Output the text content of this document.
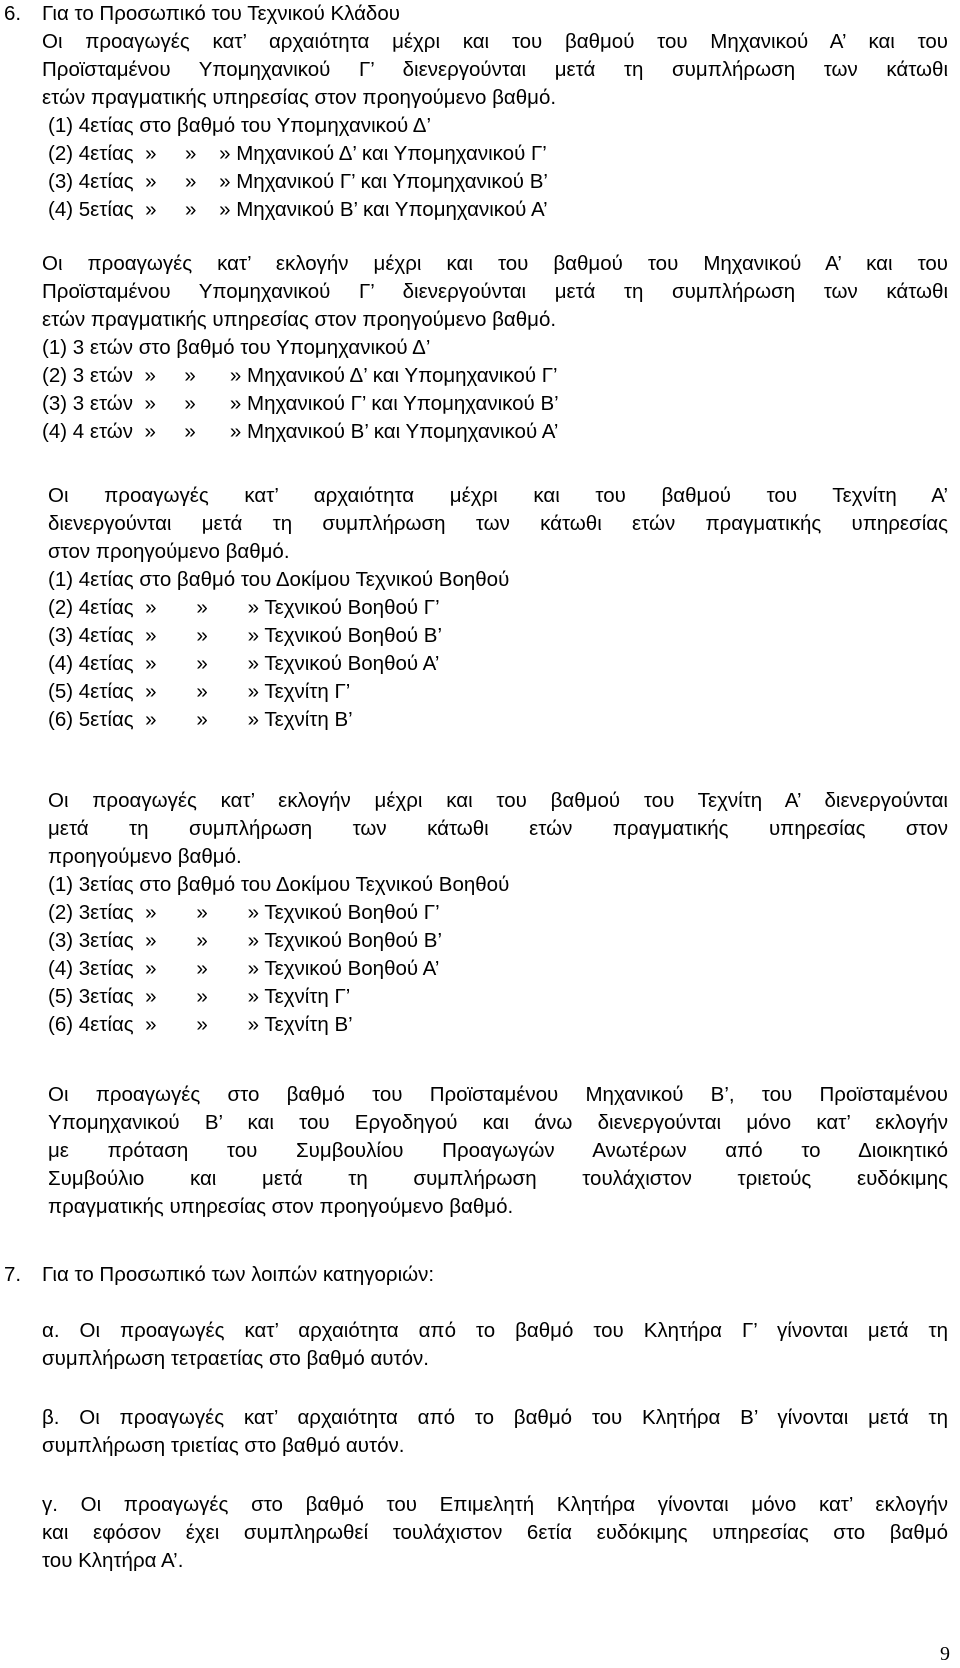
6. Για το Προσωπικό του Τεχνικού Κλάδου
Οι προαγωγές κατ’ αρχαιότητα μέχρι και του βαθμού του Μηχανικού Α’ και του
Προϊσταμένου Υπομηχανικού Γ’ διενεργούνται μετά τη συμπλήρωση των κάτωθι
ετών πραγματικής υπηρεσίας στον προηγούμενο βαθμό.
(1) 4ετίας στο βαθμό του Υπομηχανικού Δ’
(2) 4ετίας  »     »    » Μηχανικού Δ’ και Υπομηχανικού Γ’
(3) 4ετίας  »     »    » Μηχανικού Γ’ και Υπομηχανικού Β’
(4) 5ετίας  »     »    » Μηχανικού Β’ και Υπομηχανικού Α’
Οι προαγωγές κατ’ εκλογήν μέχρι και του βαθμού του Μηχανικού Α’ και του
Προϊσταμένου Υπομηχανικού Γ’ διενεργούνται μετά τη συμπλήρωση των κάτωθι
ετών πραγματικής υπηρεσίας στον προηγούμενο βαθμό.
(1) 3 ετών στο βαθμό του Υπομηχανικού Δ’
(2) 3 ετών  »     »      » Μηχανικού Δ’ και Υπομηχανικού Γ’
(3) 3 ετών  »     »      » Μηχανικού Γ’ και Υπομηχανικού Β’
(4) 4 ετών  »     »      » Μηχανικού Β’ και Υπομηχανικού Α’
Οι προαγωγές κατ’ αρχαιότητα μέχρι και του βαθμού του Τεχνίτη Α’
διενεργούνται μετά τη συμπλήρωση των κάτωθι ετών πραγματικής υπηρεσίας
στον προηγούμενο βαθμό.
(1) 4ετίας στο βαθμό του Δοκίμου Τεχνικού Βοηθού
(2) 4ετίας  »       »       » Τεχνικού Βοηθού Γ’
(3) 4ετίας  »       »       » Τεχνικού Βοηθού Β’
(4) 4ετίας  »       »       » Τεχνικού Βοηθού Α’
(5) 4ετίας  »       »       » Τεχνίτη Γ’
(6) 5ετίας  »       »       » Τεχνίτη Β’
Οι προαγωγές κατ’ εκλογήν μέχρι και του βαθμού του Τεχνίτη Α’ διενεργούνται
μετά τη συμπλήρωση των κάτωθι ετών πραγματικής υπηρεσίας στον
προηγούμενο βαθμό.
(1) 3ετίας στο βαθμό του Δοκίμου Τεχνικού Βοηθού
(2) 3ετίας  »       »       » Τεχνικού Βοηθού Γ’
(3) 3ετίας  »       »       » Τεχνικού Βοηθού Β’
(4) 3ετίας  »       »       » Τεχνικού Βοηθού Α’
(5) 3ετίας  »       »       » Τεχνίτη Γ’
(6) 4ετίας  »       »       » Τεχνίτη Β’
Οι προαγωγές στο βαθμό του Προϊσταμένου Μηχανικού Β’, του Προϊσταμένου
Υπομηχανικού Β’ και του Εργοδηγού και άνω διενεργούνται μόνο κατ’ εκλογήν
με πρόταση του Συμβουλίου Προαγωγών Ανωτέρων από το Διοικητικό
Συμβούλιο και μετά τη συμπλήρωση τουλάχιστον τριετούς ευδόκιμης
πραγματικής υπηρεσίας στον προηγούμενο βαθμό.
7. Για το Προσωπικό των λοιπών κατηγοριών:
α. Οι προαγωγές κατ’ αρχαιότητα από το βαθμό του Κλητήρα Γ’ γίνονται μετά τη
συμπλήρωση τετραετίας στο βαθμό αυτόν.
β. Οι προαγωγές κατ’ αρχαιότητα από το βαθμό του Κλητήρα Β’ γίνονται μετά τη
συμπλήρωση τριετίας στο βαθμό αυτόν.
γ. Οι προαγωγές στο βαθμό του Επιμελητή Κλητήρα γίνονται μόνο κατ’ εκλογήν
και εφόσον έχει συμπληρωθεί τουλάχιστον 6ετία ευδόκιμης υπηρεσίας στο βαθμό
του Κλητήρα Α’.
9
